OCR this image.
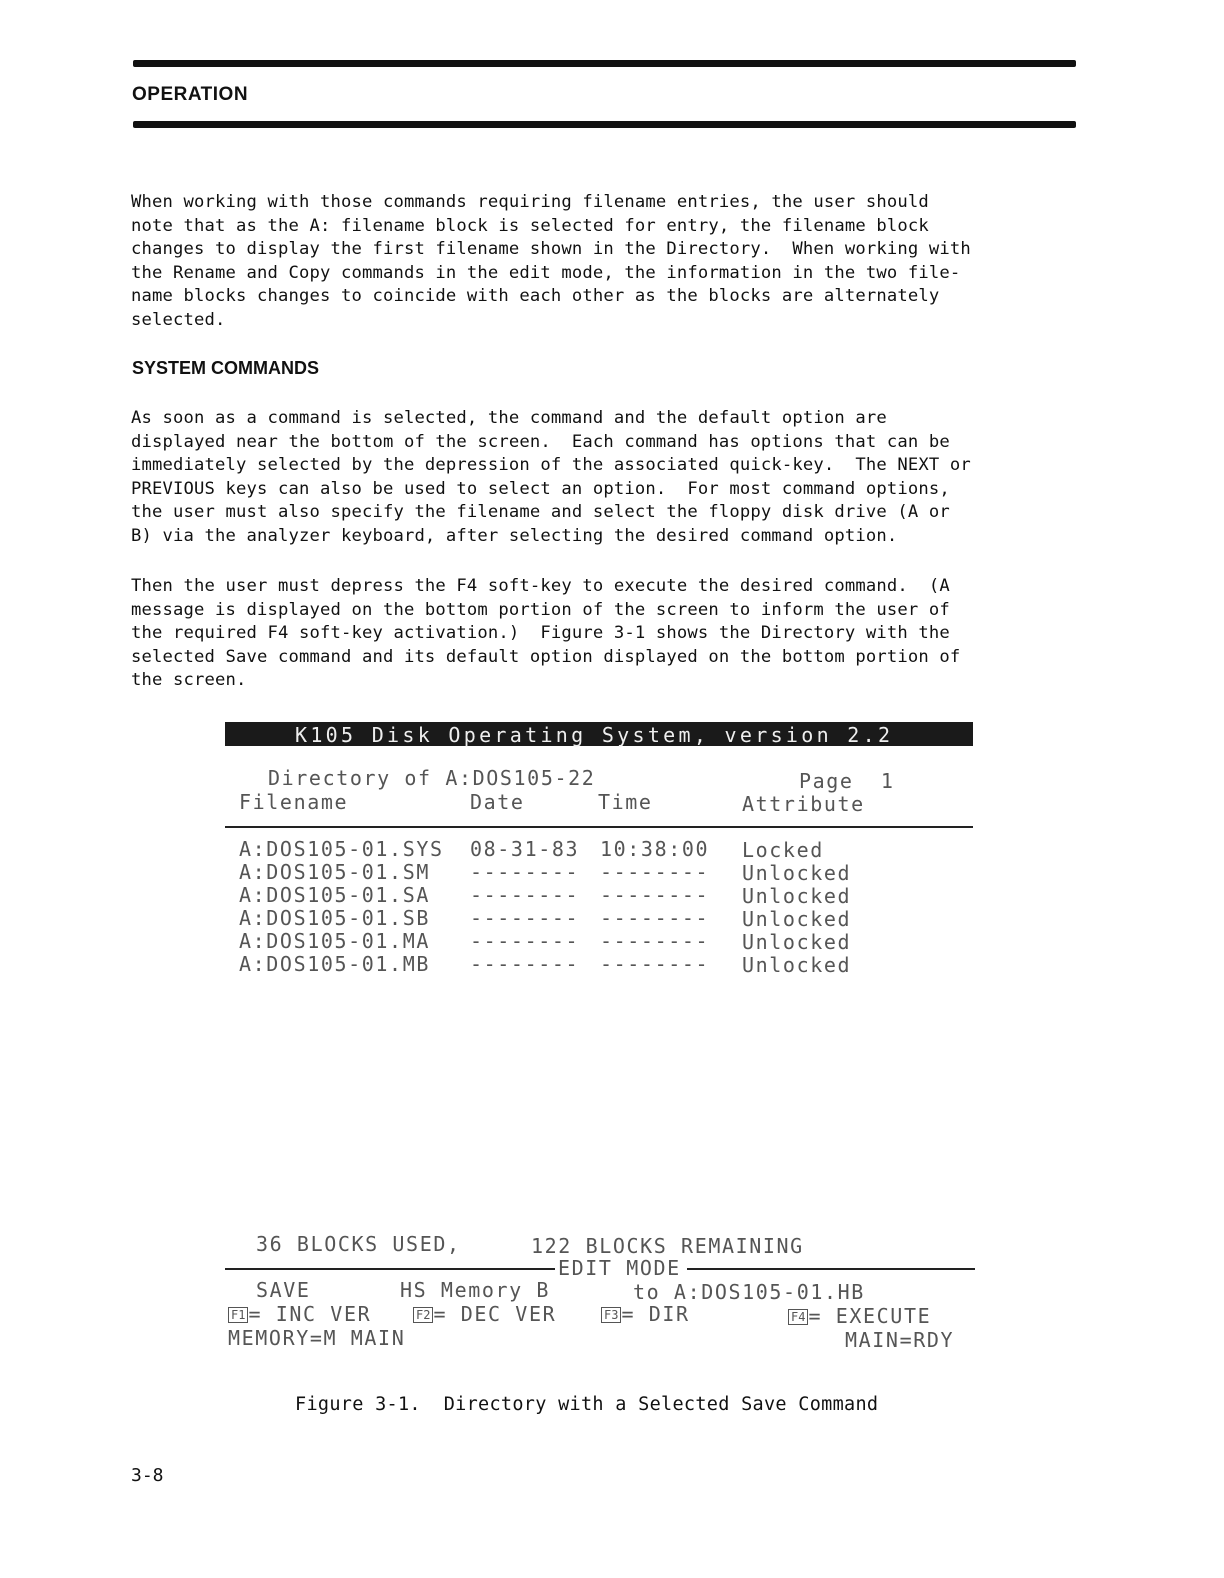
OPERATION
When working with those commands requiring filename entries, the user should
note that as the A: filename block is selected for entry, the filename block
changes to display the first filename shown in the Directory.  When working with
the Rename and Copy commands in the edit mode, the information in the two file-
name blocks changes to coincide with each other as the blocks are alternately
selected.
SYSTEM COMMANDS
As soon as a command is selected, the command and the default option are
displayed near the bottom of the screen.  Each command has options that can be
immediately selected by the depression of the associated quick-key.  The NEXT or
PREVIOUS keys can also be used to select an option.  For most command options,
the user must also specify the filename and select the floppy disk drive (A or
B) via the analyzer keyboard, after selecting the desired command option.
Then the user must depress the F4 soft-key to execute the desired command.  (A
message is displayed on the bottom portion of the screen to inform the user of
the required F4 soft-key activation.)  Figure 3-1 shows the Directory with the
selected Save command and its default option displayed on the bottom portion of
the screen.
K105 Disk Operating System, version 2.2
Directory of A:DOS105-22	Page  1
Filename	Date	Time	Attribute
A:DOS105-01.SYS 08-31-83 10:38:00 Locked
A:DOS105-01.SM -------- -------- Unlocked
A:DOS105-01.SA -------- -------- Unlocked
A:DOS105-01.SB -------- -------- Unlocked
A:DOS105-01.MA -------- -------- Unlocked
A:DOS105-01.MB -------- -------- Unlocked
36 BLOCKS USED,	122 BLOCKS REMAINING
EDIT MODE
SAVE	HS Memory B	to A:DOS105-01.HB
F1 = INC VER	F2 = DEC VER	F3 = DIR	F4 = EXECUTE
MEMORY=M MAIN	MAIN=RDY
Figure 3-1.  Directory with a Selected Save Command
3-8
